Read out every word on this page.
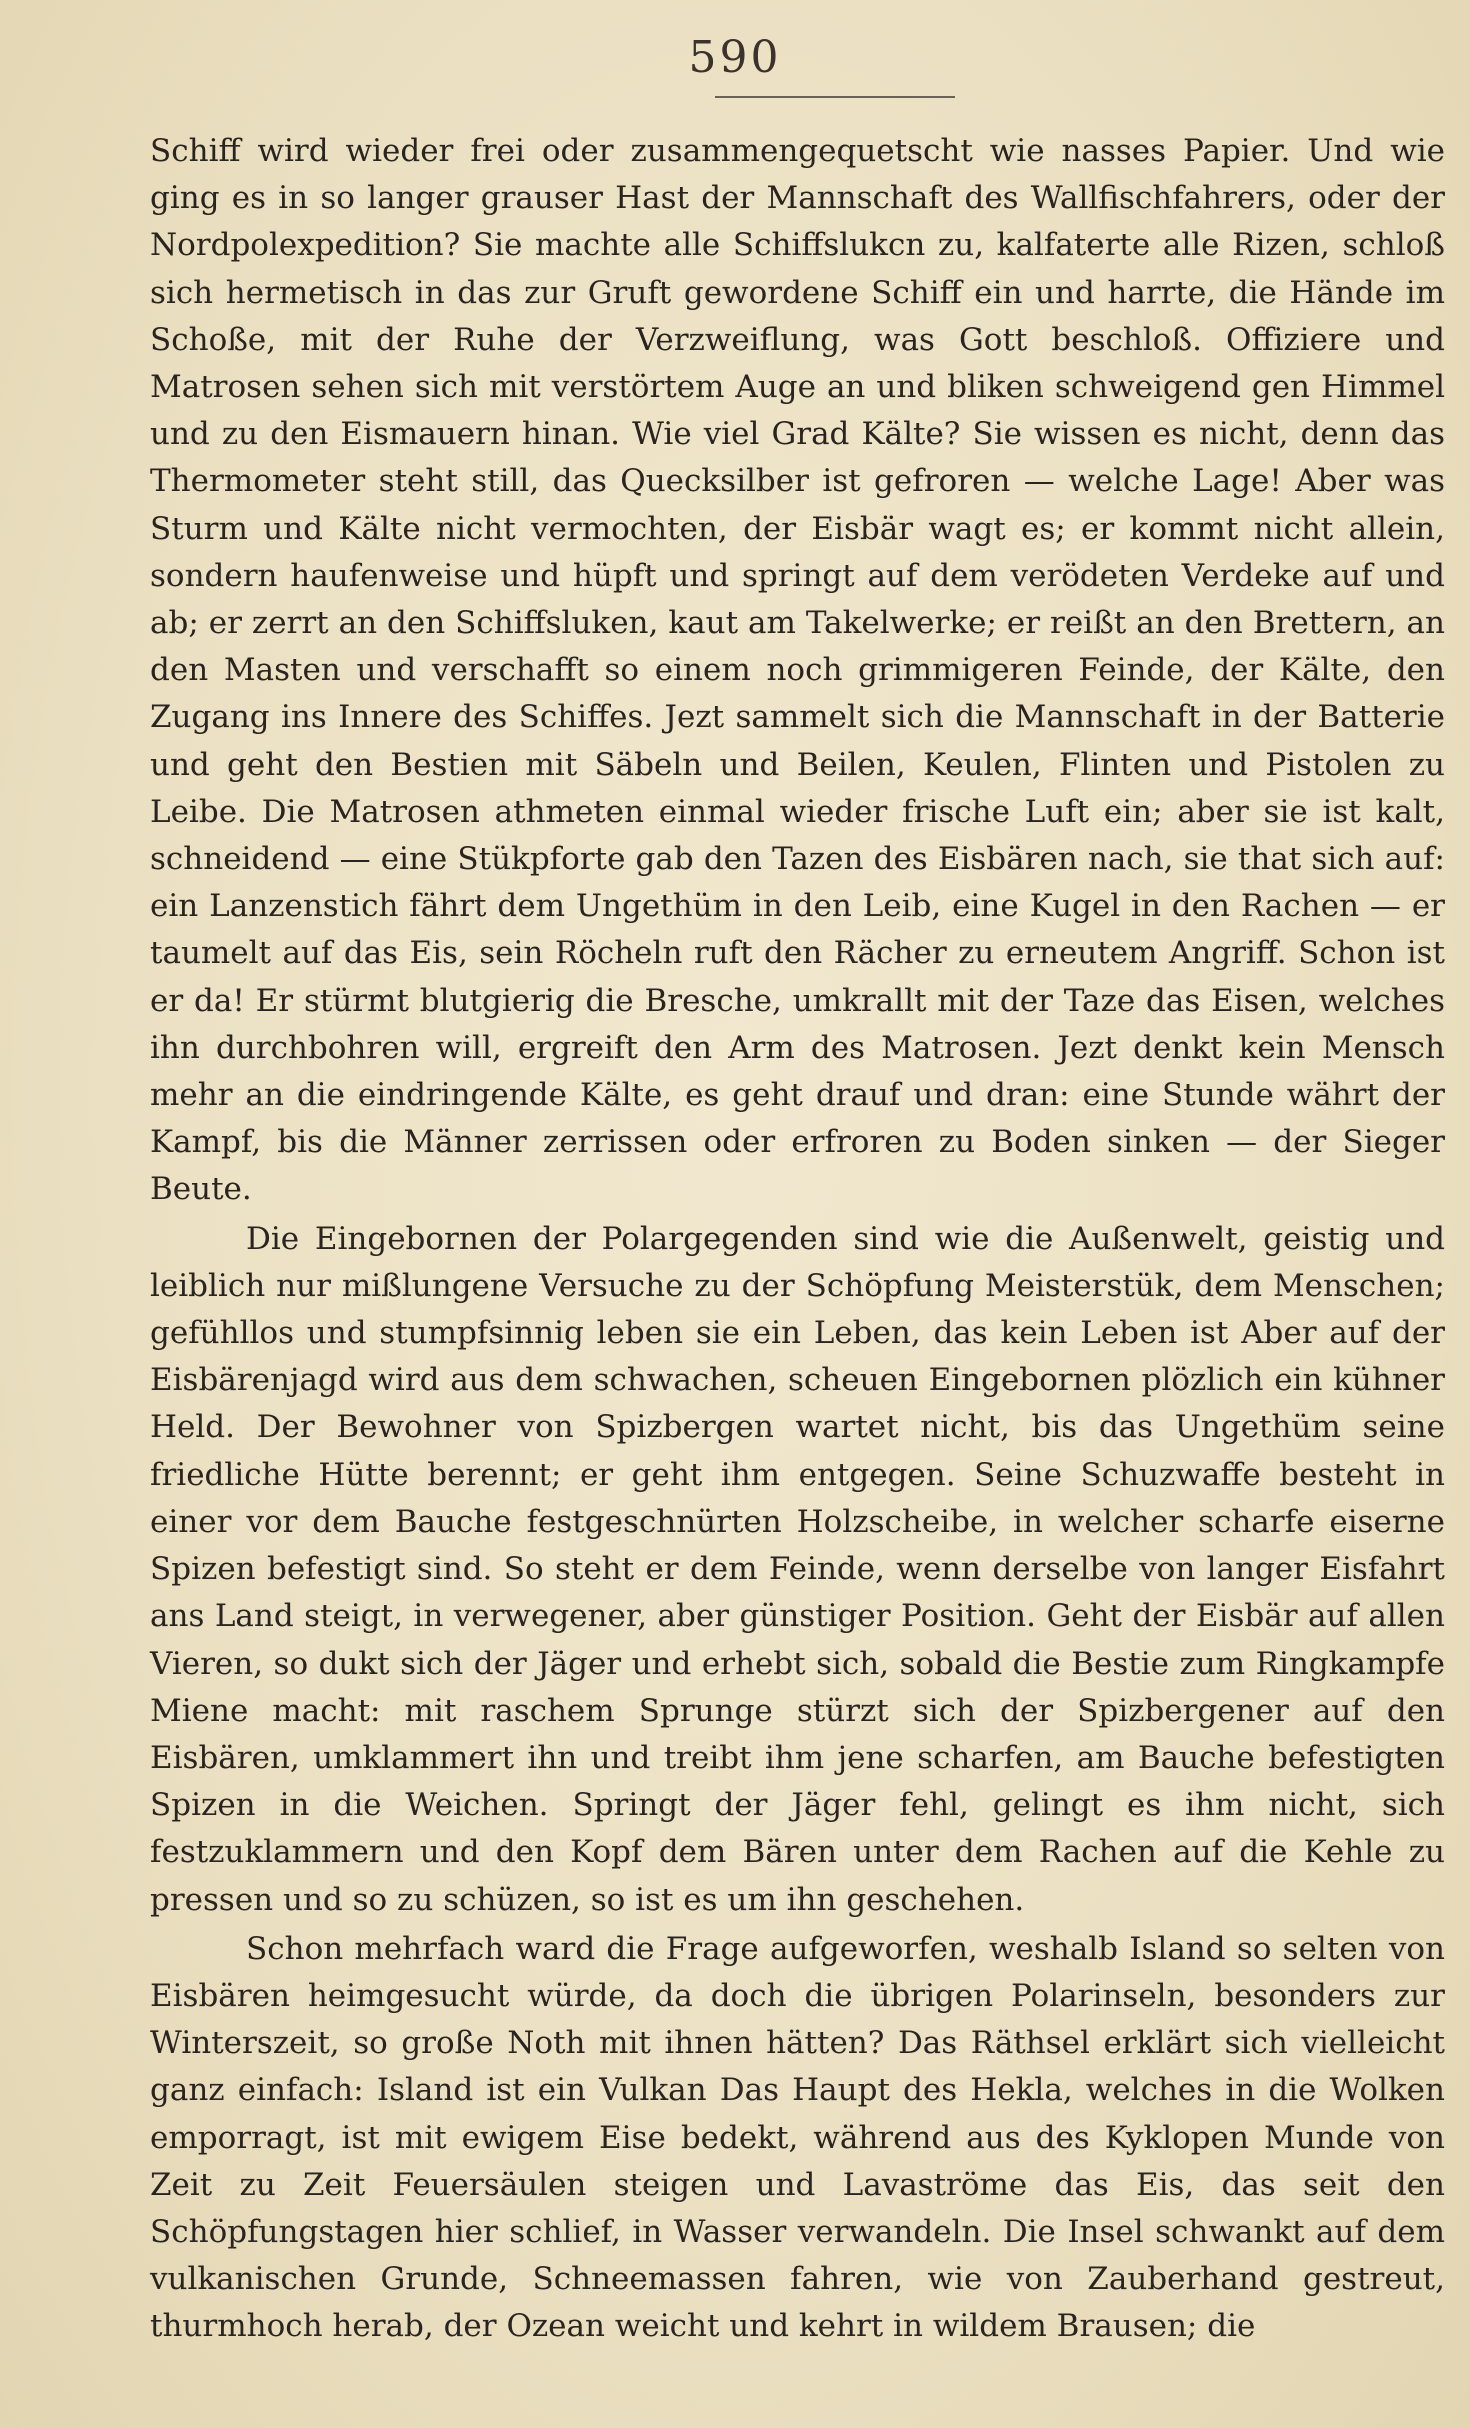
590

Schiff wird wieder frei oder zusammengequetscht wie nasses Papier. Und wie ging es in so langer grauser Hast der Mannschaft des Wallfischfahrers, oder der Nordpolexpedition? Sie machte alle Schiffslukcn zu, kalfaterte alle Rizen, schloß sich hermetisch in das zur Gruft gewordene Schiff ein und harrte, die Hände im Schoße, mit der Ruhe der Verzweiflung, was Gott beschloß. Offiziere und Matrosen sehen sich mit verstörtem Auge an und bliken schweigend gen Himmel und zu den Eismauern hinan. Wie viel Grad Kälte? Sie wissen es nicht, denn das Thermometer steht still, das Quecksilber ist gefroren — welche Lage! Aber was Sturm und Kälte nicht vermochten, der Eisbär wagt es; er kommt nicht allein, sondern haufenweise und hüpft und springt auf dem verödeten Verdeke auf und ab; er zerrt an den Schiffsluken, kaut am Takelwerke; er reißt an den Brettern, an den Masten und verschafft so einem noch grimmigeren Feinde, der Kälte, den Zugang ins Innere des Schiffes. Jezt sammelt sich die Mannschaft in der Batterie und geht den Bestien mit Säbeln und Beilen, Keulen, Flinten und Pistolen zu Leibe. Die Matrosen athmeten einmal wieder frische Luft ein; aber sie ist kalt, schneidend — eine Stükpforte gab den Tazen des Eisbären nach, sie that sich auf: ein Lanzenstich fährt dem Ungethüm in den Leib, eine Kugel in den Rachen — er taumelt auf das Eis, sein Röcheln ruft den Rächer zu erneutem Angriff. Schon ist er da! Er stürmt blutgierig die Bresche, umkrallt mit der Taze das Eisen, welches ihn durchbohren will, ergreift den Arm des Matrosen. Jezt denkt kein Mensch mehr an die eindringende Kälte, es geht drauf und dran: eine Stunde währt der Kampf, bis die Männer zerrissen oder erfroren zu Boden sinken — der Sieger Beute.

Die Eingebornen der Polargegenden sind wie die Außenwelt, geistig und leiblich nur mißlungene Versuche zu der Schöpfung Meisterstük, dem Menschen; gefühllos und stumpfsinnig leben sie ein Leben, das kein Leben ist Aber auf der Eisbärenjagd wird aus dem schwachen, scheuen Eingebornen plözlich ein kühner Held. Der Bewohner von Spizbergen wartet nicht, bis das Ungethüm seine friedliche Hütte berennt; er geht ihm entgegen. Seine Schuzwaffe besteht in einer vor dem Bauche festgeschnürten Holzscheibe, in welcher scharfe eiserne Spizen befestigt sind. So steht er dem Feinde, wenn derselbe von langer Eisfahrt ans Land steigt, in verwegener, aber günstiger Position. Geht der Eisbär auf allen Vieren, so dukt sich der Jäger und erhebt sich, sobald die Bestie zum Ringkampfe Miene macht: mit raschem Sprunge stürzt sich der Spizbergener auf den Eisbären, umklammert ihn und treibt ihm jene scharfen, am Bauche befestigten Spizen in die Weichen. Springt der Jäger fehl, gelingt es ihm nicht, sich festzuklammern und den Kopf dem Bären unter dem Rachen auf die Kehle zu pressen und so zu schüzen, so ist es um ihn geschehen.

Schon mehrfach ward die Frage aufgeworfen, weshalb Island so selten von Eisbären heimgesucht würde, da doch die übrigen Polarinseln, besonders zur Winterszeit, so große Noth mit ihnen hätten? Das Räthsel erklärt sich vielleicht ganz einfach: Island ist ein Vulkan Das Haupt des Hekla, welches in die Wolken emporragt, ist mit ewigem Eise bedekt, während aus des Kyklopen Munde von Zeit zu Zeit Feuersäulen steigen und Lavaströme das Eis, das seit den Schöpfungstagen hier schlief, in Wasser verwandeln. Die Insel schwankt auf dem vulkanischen Grunde, Schneemassen fahren, wie von Zauberhand gestreut, thurmhoch herab, der Ozean weicht und kehrt in wildem Brausen; die
